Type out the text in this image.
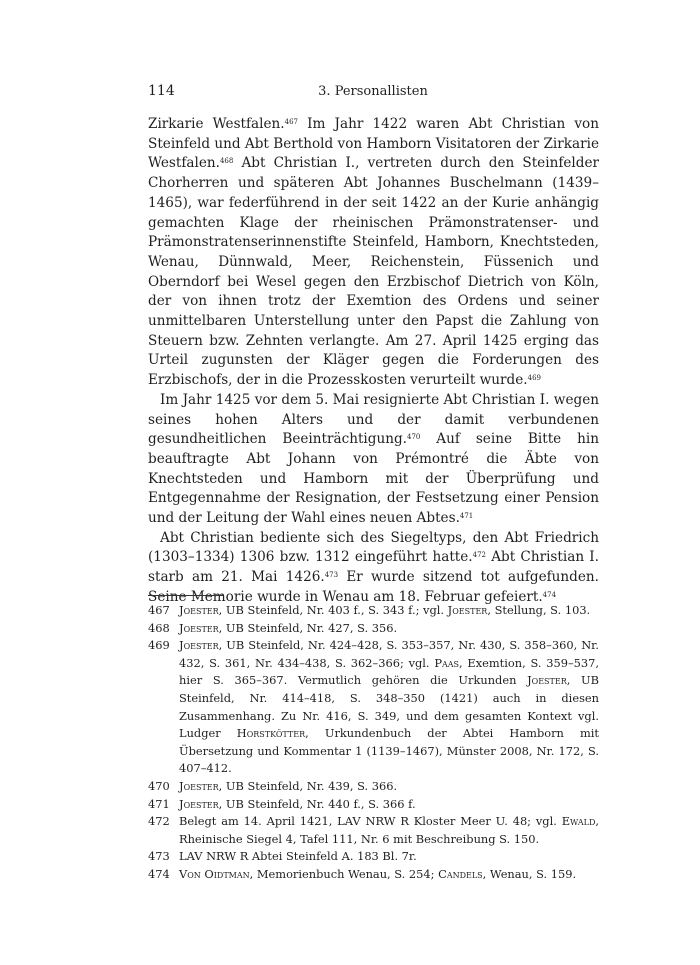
114	3. Personallisten

Zirkarie Westfalen.$^{467}$ Im Jahr 1422 waren Abt Christian von Steinfeld und Abt Berthold von Hamborn Visitatoren der Zirkarie Westfalen.$^{468}$ Abt Christian I., vertreten durch den Steinfelder Chorherren und späteren Abt Johannes Buschelmann (1439–1465), war federführend in der seit 1422 an der Kurie anhängig gemachten Klage der rheinischen Prämonstratenser- und Prämonstratenserinnenstifte Steinfeld, Hamborn, Knechtsteden, Wenau, Dünnwald, Meer, Reichenstein, Füssenich und Oberndorf bei Wesel gegen den Erzbischof Dietrich von Köln, der von ihnen trotz der Exemtion des Ordens und seiner unmittelbaren Unterstellung unter den Papst die Zahlung von Steuern bzw. Zehnten verlangte. Am 27. April 1425 erging das Urteil zugunsten der Kläger gegen die Forderungen des Erzbischofs, der in die Prozesskosten verurteilt wurde.$^{469}$

Im Jahr 1425 vor dem 5. Mai resignierte Abt Christian I. wegen seines hohen Alters und der damit verbundenen gesundheitlichen Beeinträchtigung.$^{470}$ Auf seine Bitte hin beauftragte Abt Johann von Prémontré die Äbte von Knechtsteden und Hamborn mit der Überprüfung und Entgegennahme der Resignation, der Festsetzung einer Pension und der Leitung der Wahl eines neuen Abtes.$^{471}$

Abt Christian bediente sich des Siegeltyps, den Abt Friedrich (1303–1334) 1306 bzw. 1312 eingeführt hatte.$^{472}$ Abt Christian I. starb am 21. Mai 1426.$^{473}$ Er wurde sitzend tot aufgefunden. Seine Memorie wurde in Wenau am 18. Februar gefeiert.$^{474}$

467 Joester, UB Steinfeld, Nr. 403 f., S. 343 f.; vgl. Joester, Stellung, S. 103.
468 Joester, UB Steinfeld, Nr. 427, S. 356.
469 Joester, UB Steinfeld, Nr. 424–428, S. 353–357, Nr. 430, S. 358–360, Nr. 432, S. 361, Nr. 434–438, S. 362–366; vgl. Paas, Exemtion, S. 359–537, hier S. 365–367. Vermutlich gehören die Urkunden Joester, UB Steinfeld, Nr. 414–418, S. 348–350 (1421) auch in diesen Zusammenhang. Zu Nr. 416, S. 349, und dem gesamten Kontext vgl. Ludger Horstkötter, Urkundenbuch der Abtei Hamborn mit Übersetzung und Kommentar 1 (1139–1467), Münster 2008, Nr. 172, S. 407–412.
470 Joester, UB Steinfeld, Nr. 439, S. 366.
471 Joester, UB Steinfeld, Nr. 440 f., S. 366 f.
472 Belegt am 14. April 1421, LAV NRW R Kloster Meer U. 48; vgl. Ewald, Rheinische Siegel 4, Tafel 111, Nr. 6 mit Beschreibung S. 150.
473 LAV NRW R Abtei Steinfeld A. 183 Bl. 7r.
474 Von Oidtman, Memorienbuch Wenau, S. 254; Candels, Wenau, S. 159.
